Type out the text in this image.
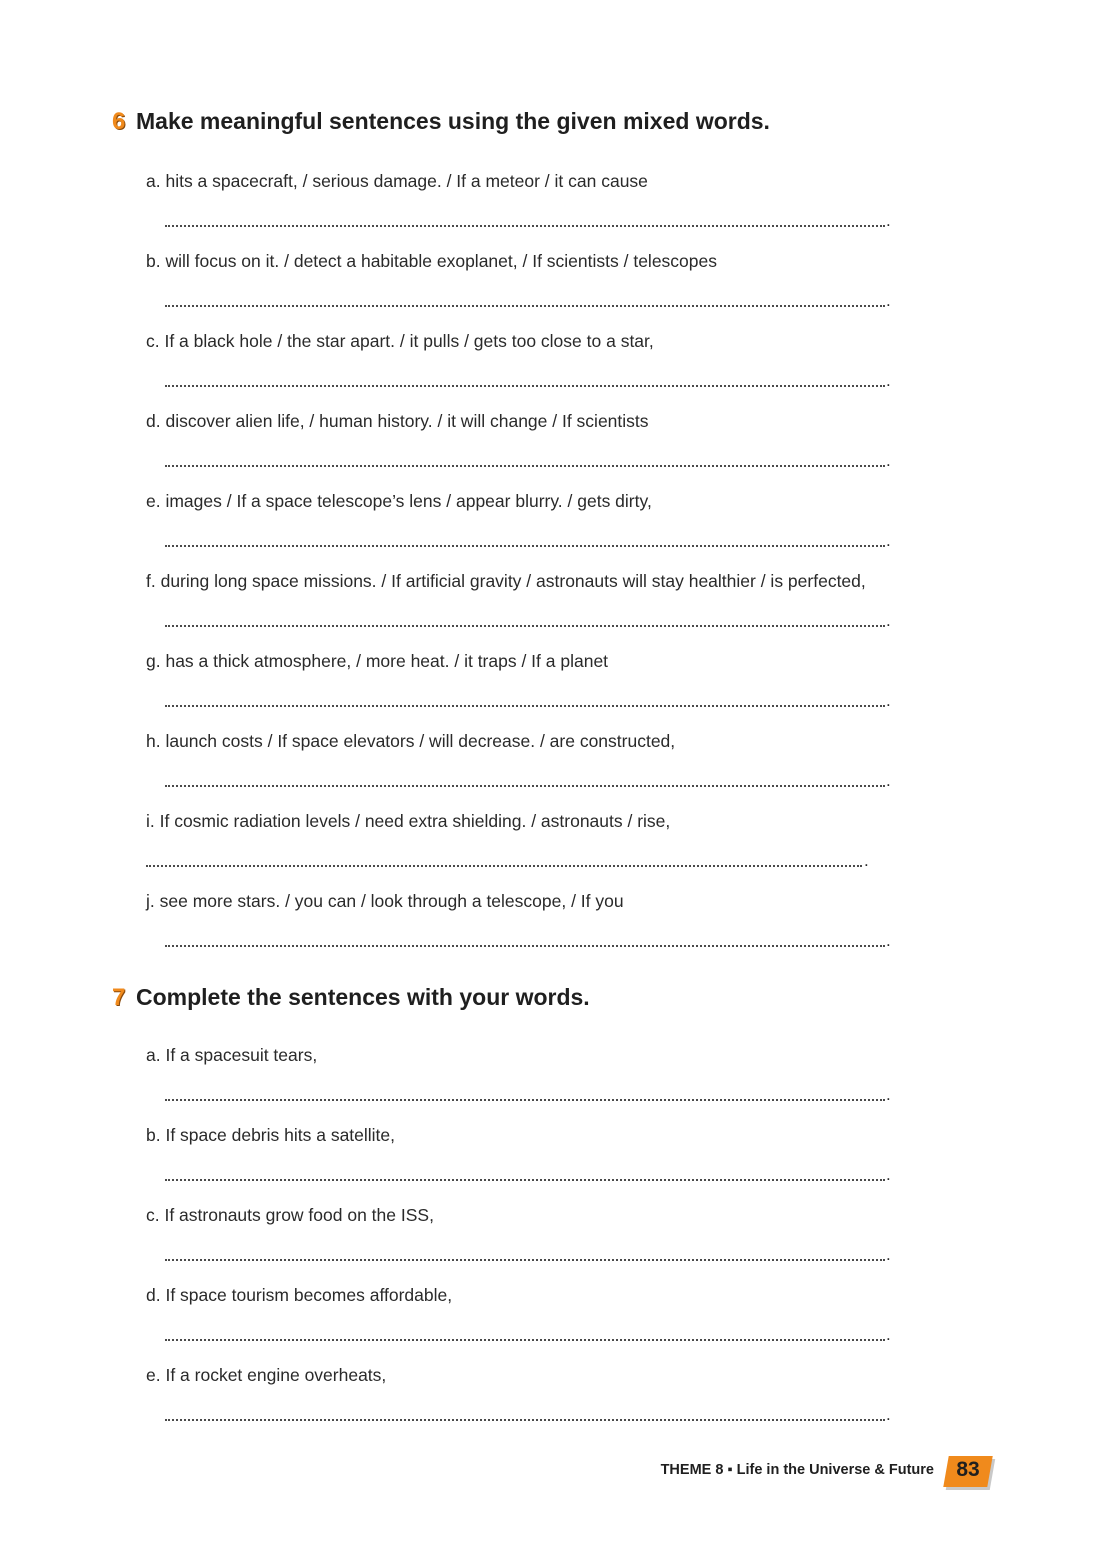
6 Make meaningful sentences using the given mixed words.
a. hits a spacecraft, / serious damage. / If a meteor / it can cause
.
b. will focus on it. / detect a habitable exoplanet, / If scientists / telescopes
.
c. If a black hole / the star apart. / it pulls / gets too close to a star,
.
d. discover alien life, / human history. / it will change / If scientists
.
e. images / If a space telescope’s lens / appear blurry. / gets dirty,
.
f. during long space missions. / If artificial gravity / astronauts will stay healthier / is perfected,
.
g. has a thick atmosphere, / more heat. / it traps / If a planet
.
h. launch costs / If space elevators / will decrease. / are constructed,
.
i. If cosmic radiation levels / need extra shielding. / astronauts / rise,
.
j. see more stars. / you can / look through a telescope, / If you
.
7 Complete the sentences with your words.
a. If a spacesuit tears,
.
b. If space debris hits a satellite,
.
c. If astronauts grow food on the ISS,
.
d. If space tourism becomes affordable,
.
e. If a rocket engine overheats,
.
THEME 8 ▪ Life in the Universe & Future	83
